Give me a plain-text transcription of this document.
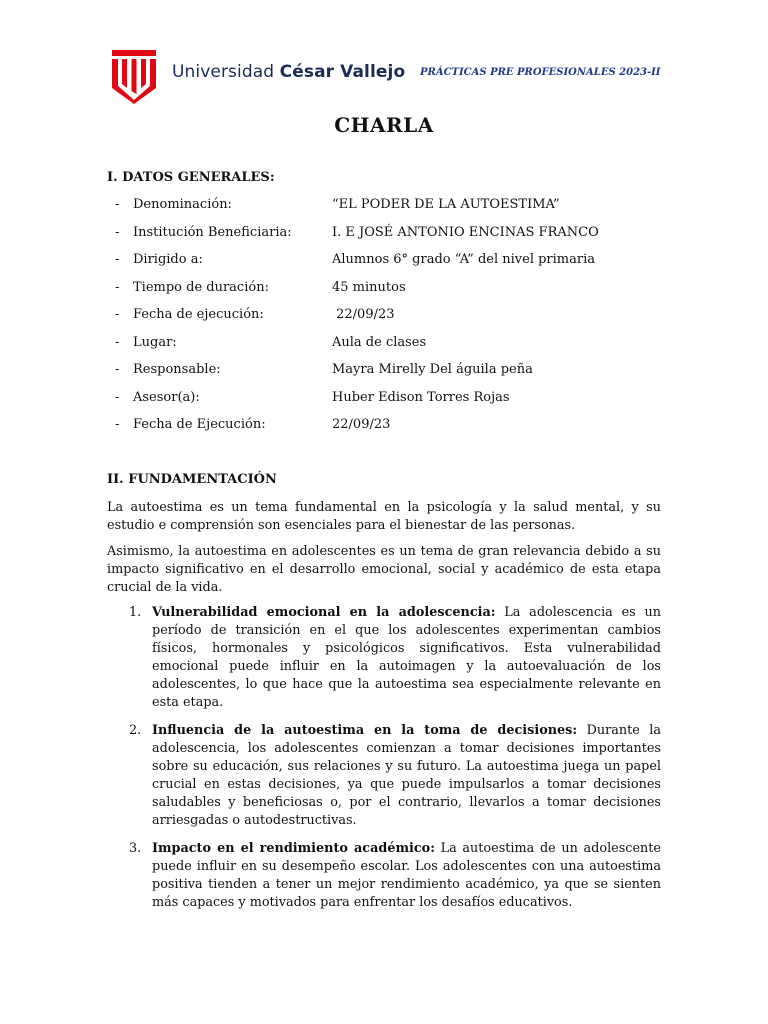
Universidad César Vallejo PRÁCTICAS PRE PROFESIONALES 2023-II
CHARLA
I. DATOS GENERALES:
- Denominación:	“EL PODER DE LA AUTOESTIMA”
- Institución Beneficiaria:	I. E JOSÉ ANTONIO ENCINAS FRANCO
- Dirigido a:	Alumnos 6° grado “A” del nivel primaria
- Tiempo de duración:	45 minutos
- Fecha de ejecución:	22/09/23
- Lugar:	Aula de clases
- Responsable:	Mayra Mirelly Del águila peña
- Asesor(a):	Huber Edison Torres Rojas
- Fecha de Ejecución:	22/09/23
II. FUNDAMENTACIÓN

La autoestima es un tema fundamental en la psicología y la salud mental, y su estudio e comprensión son esenciales para el bienestar de las personas.

Asimismo, la autoestima en adolescentes es un tema de gran relevancia debido a su impacto significativo en el desarrollo emocional, social y académico de esta etapa crucial de la vida.

1. Vulnerabilidad emocional en la adolescencia: La adolescencia es un período de transición en el que los adolescentes experimentan cambios físicos, hormonales y psicológicos significativos. Esta vulnerabilidad emocional puede influir en la autoimagen y la autoevaluación de los adolescentes, lo que hace que la autoestima sea especialmente relevante en esta etapa.
2. Influencia de la autoestima en la toma de decisiones: Durante la adolescencia, los adolescentes comienzan a tomar decisiones importantes sobre su educación, sus relaciones y su futuro. La autoestima juega un papel crucial en estas decisiones, ya que puede impulsarlos a tomar decisiones saludables y beneficiosas o, por el contrario, llevarlos a tomar decisiones arriesgadas o autodestructivas.
3. Impacto en el rendimiento académico: La autoestima de un adolescente puede influir en su desempeño escolar. Los adolescentes con una autoestima positiva tienden a tener un mejor rendimiento académico, ya que se sienten más capaces y motivados para enfrentar los desafíos educativos.
